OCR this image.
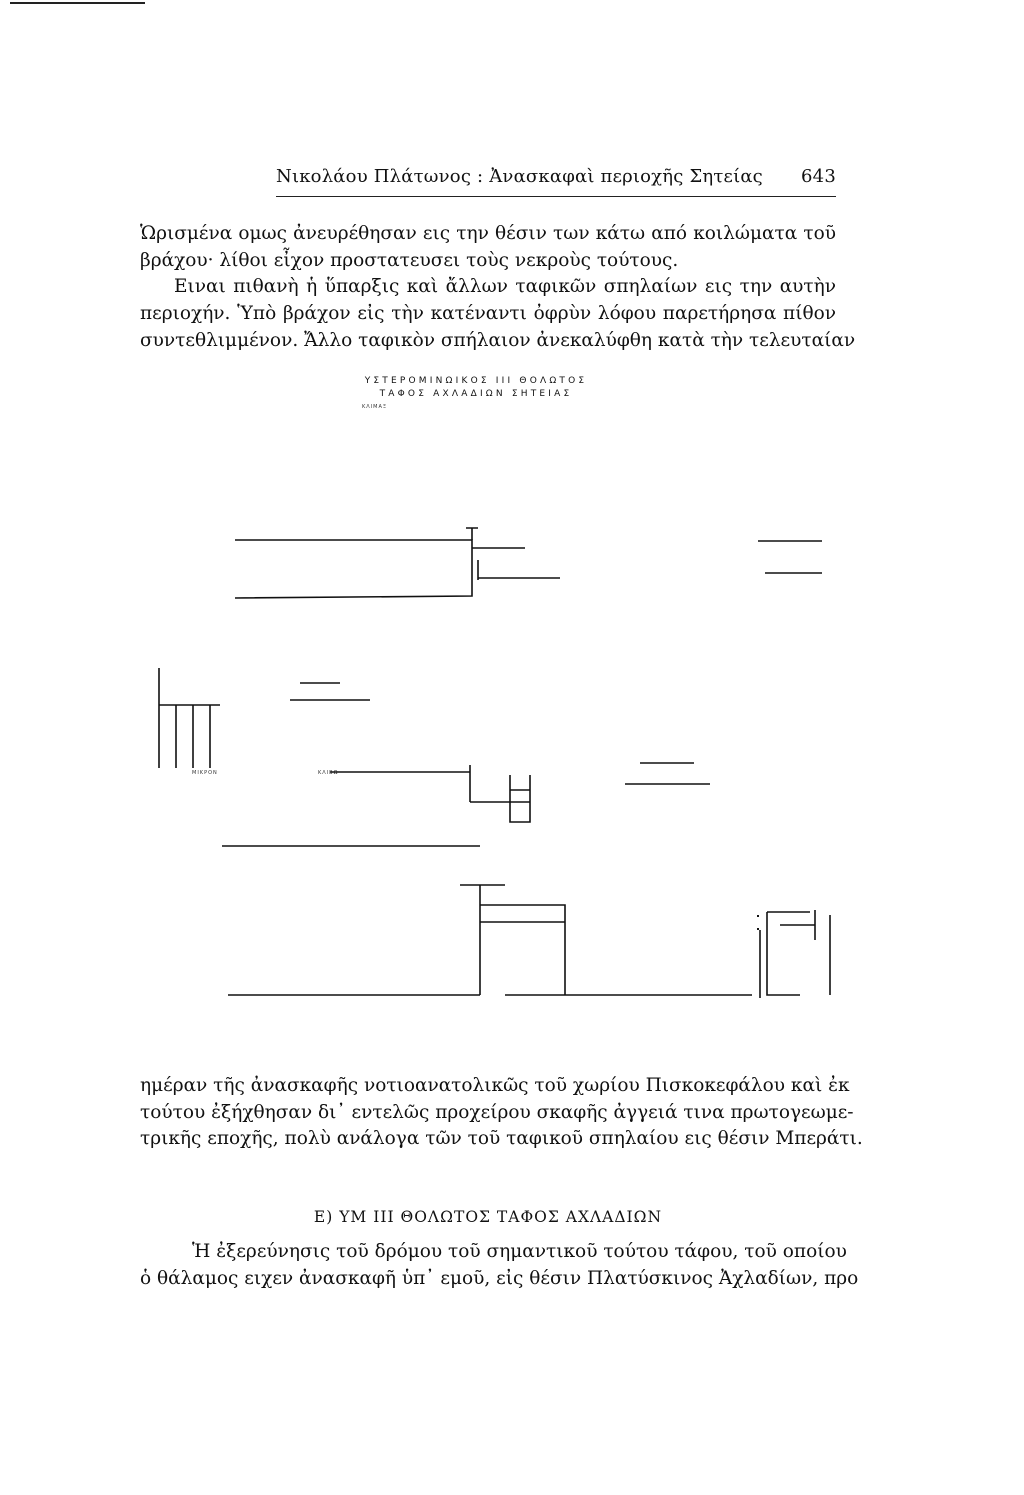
Νικολάου Πλάτωνος : Ἀνασκαφαὶ περιοχῆς Σητείας 643
Ὡρισμένα ομως ἀνευρέθησαν εις την θέσιν των κάτω από κοιλώματα τοῦ
βράχου· λίθοι εἶχον προστατευσει τοὺς νεκροὺς τούτους.
Ειναι πιθανὴ ἡ ὕπαρξις καὶ ἄλλων ταφικῶν σπηλαίων εις την αυτὴν
περιοχήν. Ὑπὸ βράχον εἰς τὴν κατέναντι ὀφρὺν λόφου παρετήρησα πίθον
συντεθλιμμένον. Ἄλλο ταφικὸν σπήλαιον ἀνεκαλύφθη κατὰ τὴν τελευταίαν
ΥΣΤΕΡΟΜΙΝΩΙΚΟΣ ΙΙΙ ΘΟΛΩΤΟΣ
ΤΑΦΟΣ ΑΧΛΑΔΙΩΝ ΣΗΤΕΙΑΣ
ΚΛΙΜΑΞ
ΜΙΚΡΟΝ	ΚΛΙΒΩ
ημέραν τῆς ἀνασκαφῆς νοτιοανατολικῶς τοῦ χωρίου Πισκοκεφάλου καὶ ἐκ
τούτου ἐξήχθησαν δι᾽ εντελῶς προχείρου σκαφῆς ἀγγειά τινα πρωτογεωμε-
τρικῆς εποχῆς, πολὺ ανάλογα τῶν τοῦ ταφικοῦ σπηλαίου εις θέσιν Μπεράτι.
Ε) ΥΜ ΙΙΙ ΘΟΛΩΤΟΣ ΤΑΦΟΣ ΑΧΛΑΔΙΩΝ
Ἡ ἐξερεύνησις τοῦ δρόμου τοῦ σημαντικοῦ τούτου τάφου, τοῦ οποίου
ὁ θάλαμος ειχεν ἀνασκαφῆ ὑπ᾽ εμοῦ, εἰς θέσιν Πλατύσκινος Ἀχλαδίων, προ
